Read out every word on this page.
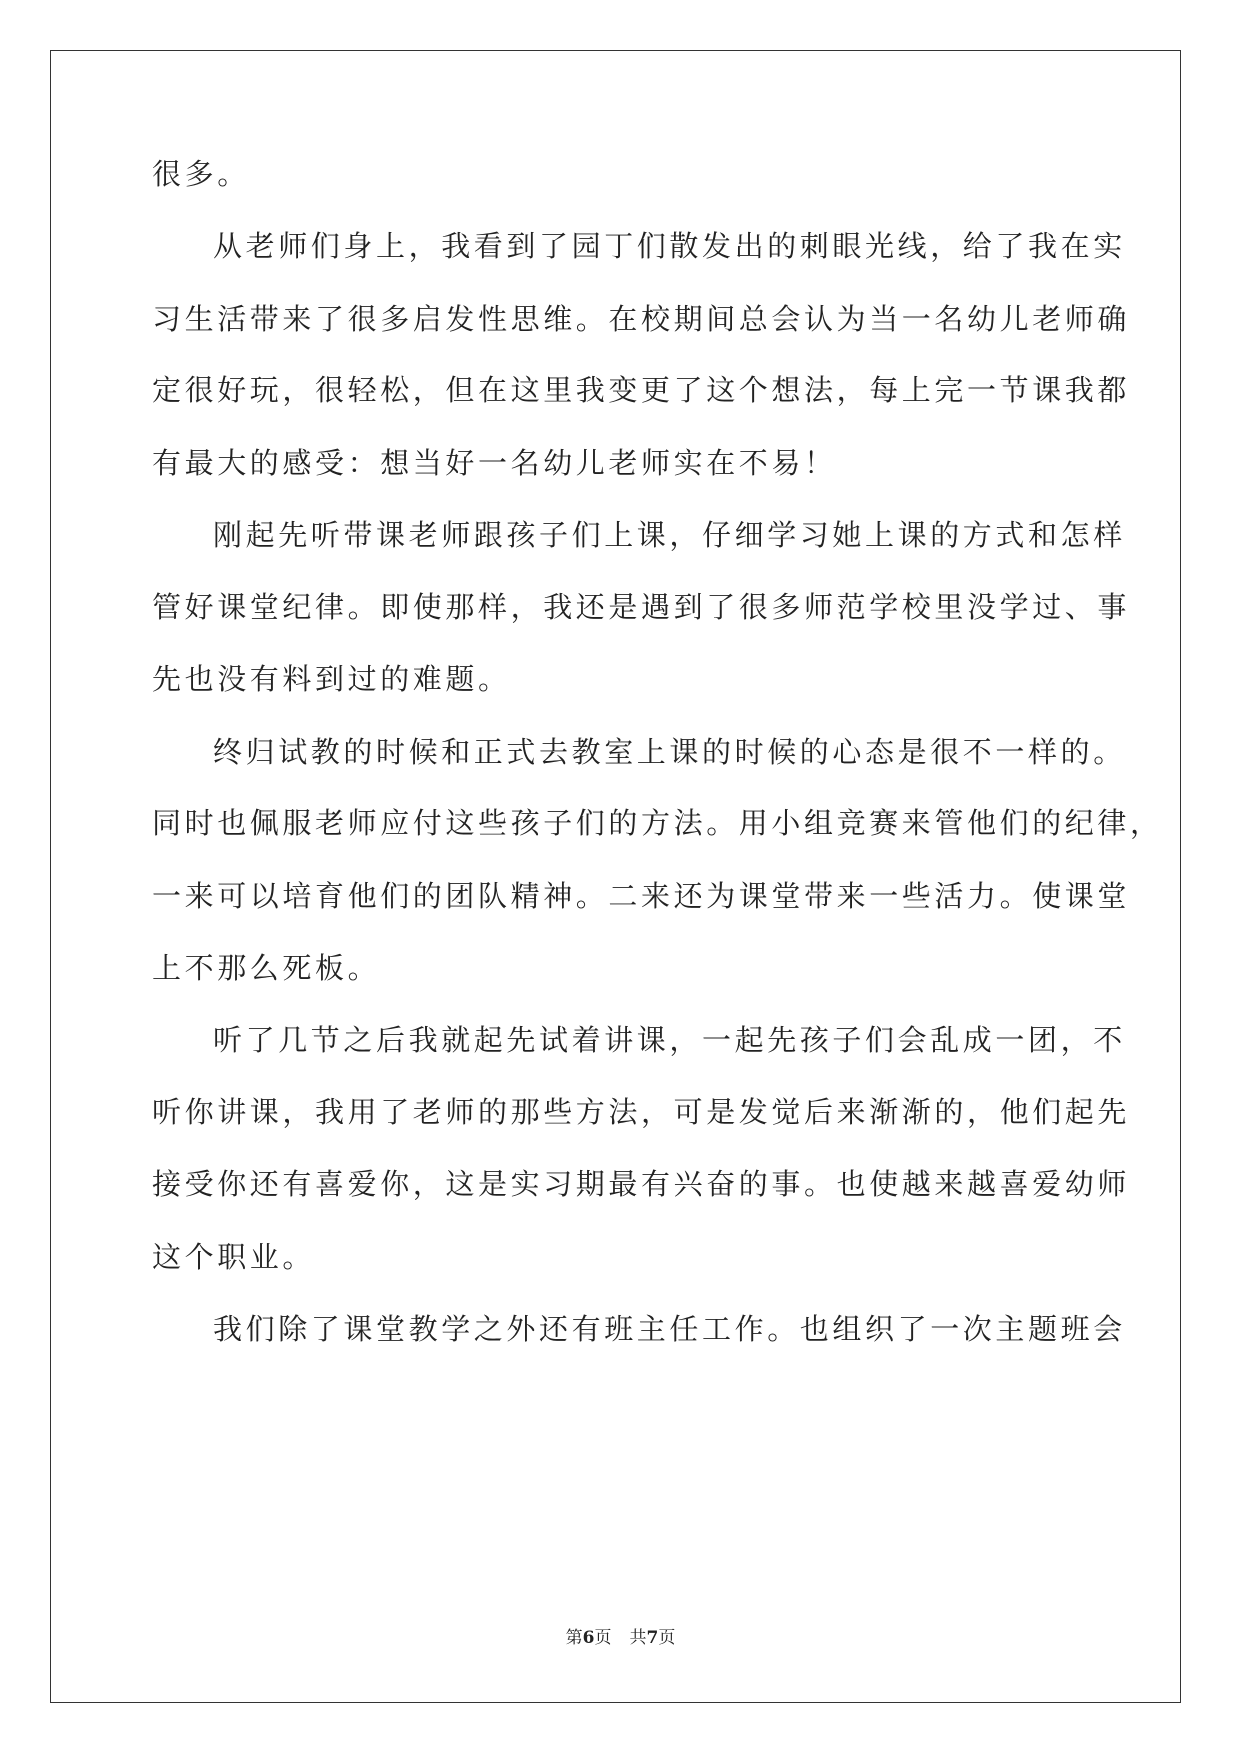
很多。
从老师们身上，我看到了园丁们散发出的刺眼光线，给了我在实
习生活带来了很多启发性思维。在校期间总会认为当一名幼儿老师确
定很好玩，很轻松，但在这里我变更了这个想法，每上完一节课我都
有最大的感受：想当好一名幼儿老师实在不易！
刚起先听带课老师跟孩子们上课，仔细学习她上课的方式和怎样
管好课堂纪律。即使那样，我还是遇到了很多师范学校里没学过、事
先也没有料到过的难题。
终归试教的时候和正式去教室上课的时候的心态是很不一样的。
同时也佩服老师应付这些孩子们的方法。用小组竞赛来管他们的纪律，
一来可以培育他们的团队精神。二来还为课堂带来一些活力。使课堂
上不那么死板。
听了几节之后我就起先试着讲课，一起先孩子们会乱成一团，不
听你讲课，我用了老师的那些方法，可是发觉后来渐渐的，他们起先
接受你还有喜爱你，这是实习期最有兴奋的事。也使越来越喜爱幼师
这个职业。
我们除了课堂教学之外还有班主任工作。也组织了一次主题班会
第6页 共7页
